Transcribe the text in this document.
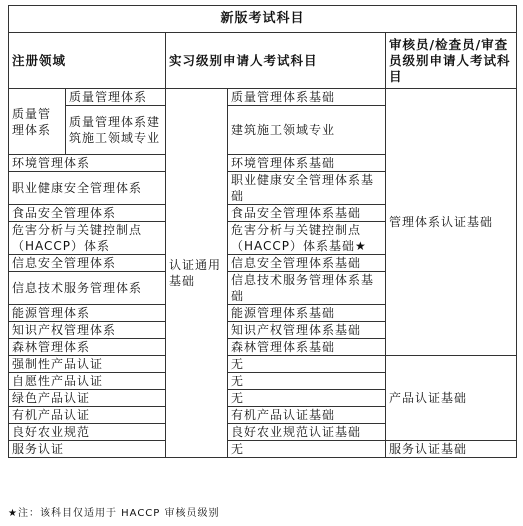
新版考试科目				
注册领域		实习级别申请人考试科目		审核员/检查员/审查员级别申请人考试科目
质量管理体系	质量管理体系	认证通用基础	质量管理体系基础	管理体系认证基础
	质量管理体系建筑施工领域专业		建筑施工领域专业	
环境管理体系			环境管理体系基础	
职业健康安全管理体系			职业健康安全管理体系基础	
食品安全管理体系			食品安全管理体系基础	
危害分析与关键控制点（HACCP）体系			危害分析与关键控制点（HACCP）体系基础★	
信息安全管理体系			信息安全管理体系基础	
信息技术服务管理体系			信息技术服务管理体系基础	
能源管理体系			能源管理体系基础	
知识产权管理体系			知识产权管理体系基础	
森林管理体系			森林管理体系基础	
强制性产品认证			无	产品认证基础
自愿性产品认证			无	
绿色产品认证			无	
有机产品认证			有机产品认证基础	
良好农业规范			良好农业规范认证基础	
服务认证			无	服务认证基础
★注：该科目仅适用于 HACCP 审核员级别
